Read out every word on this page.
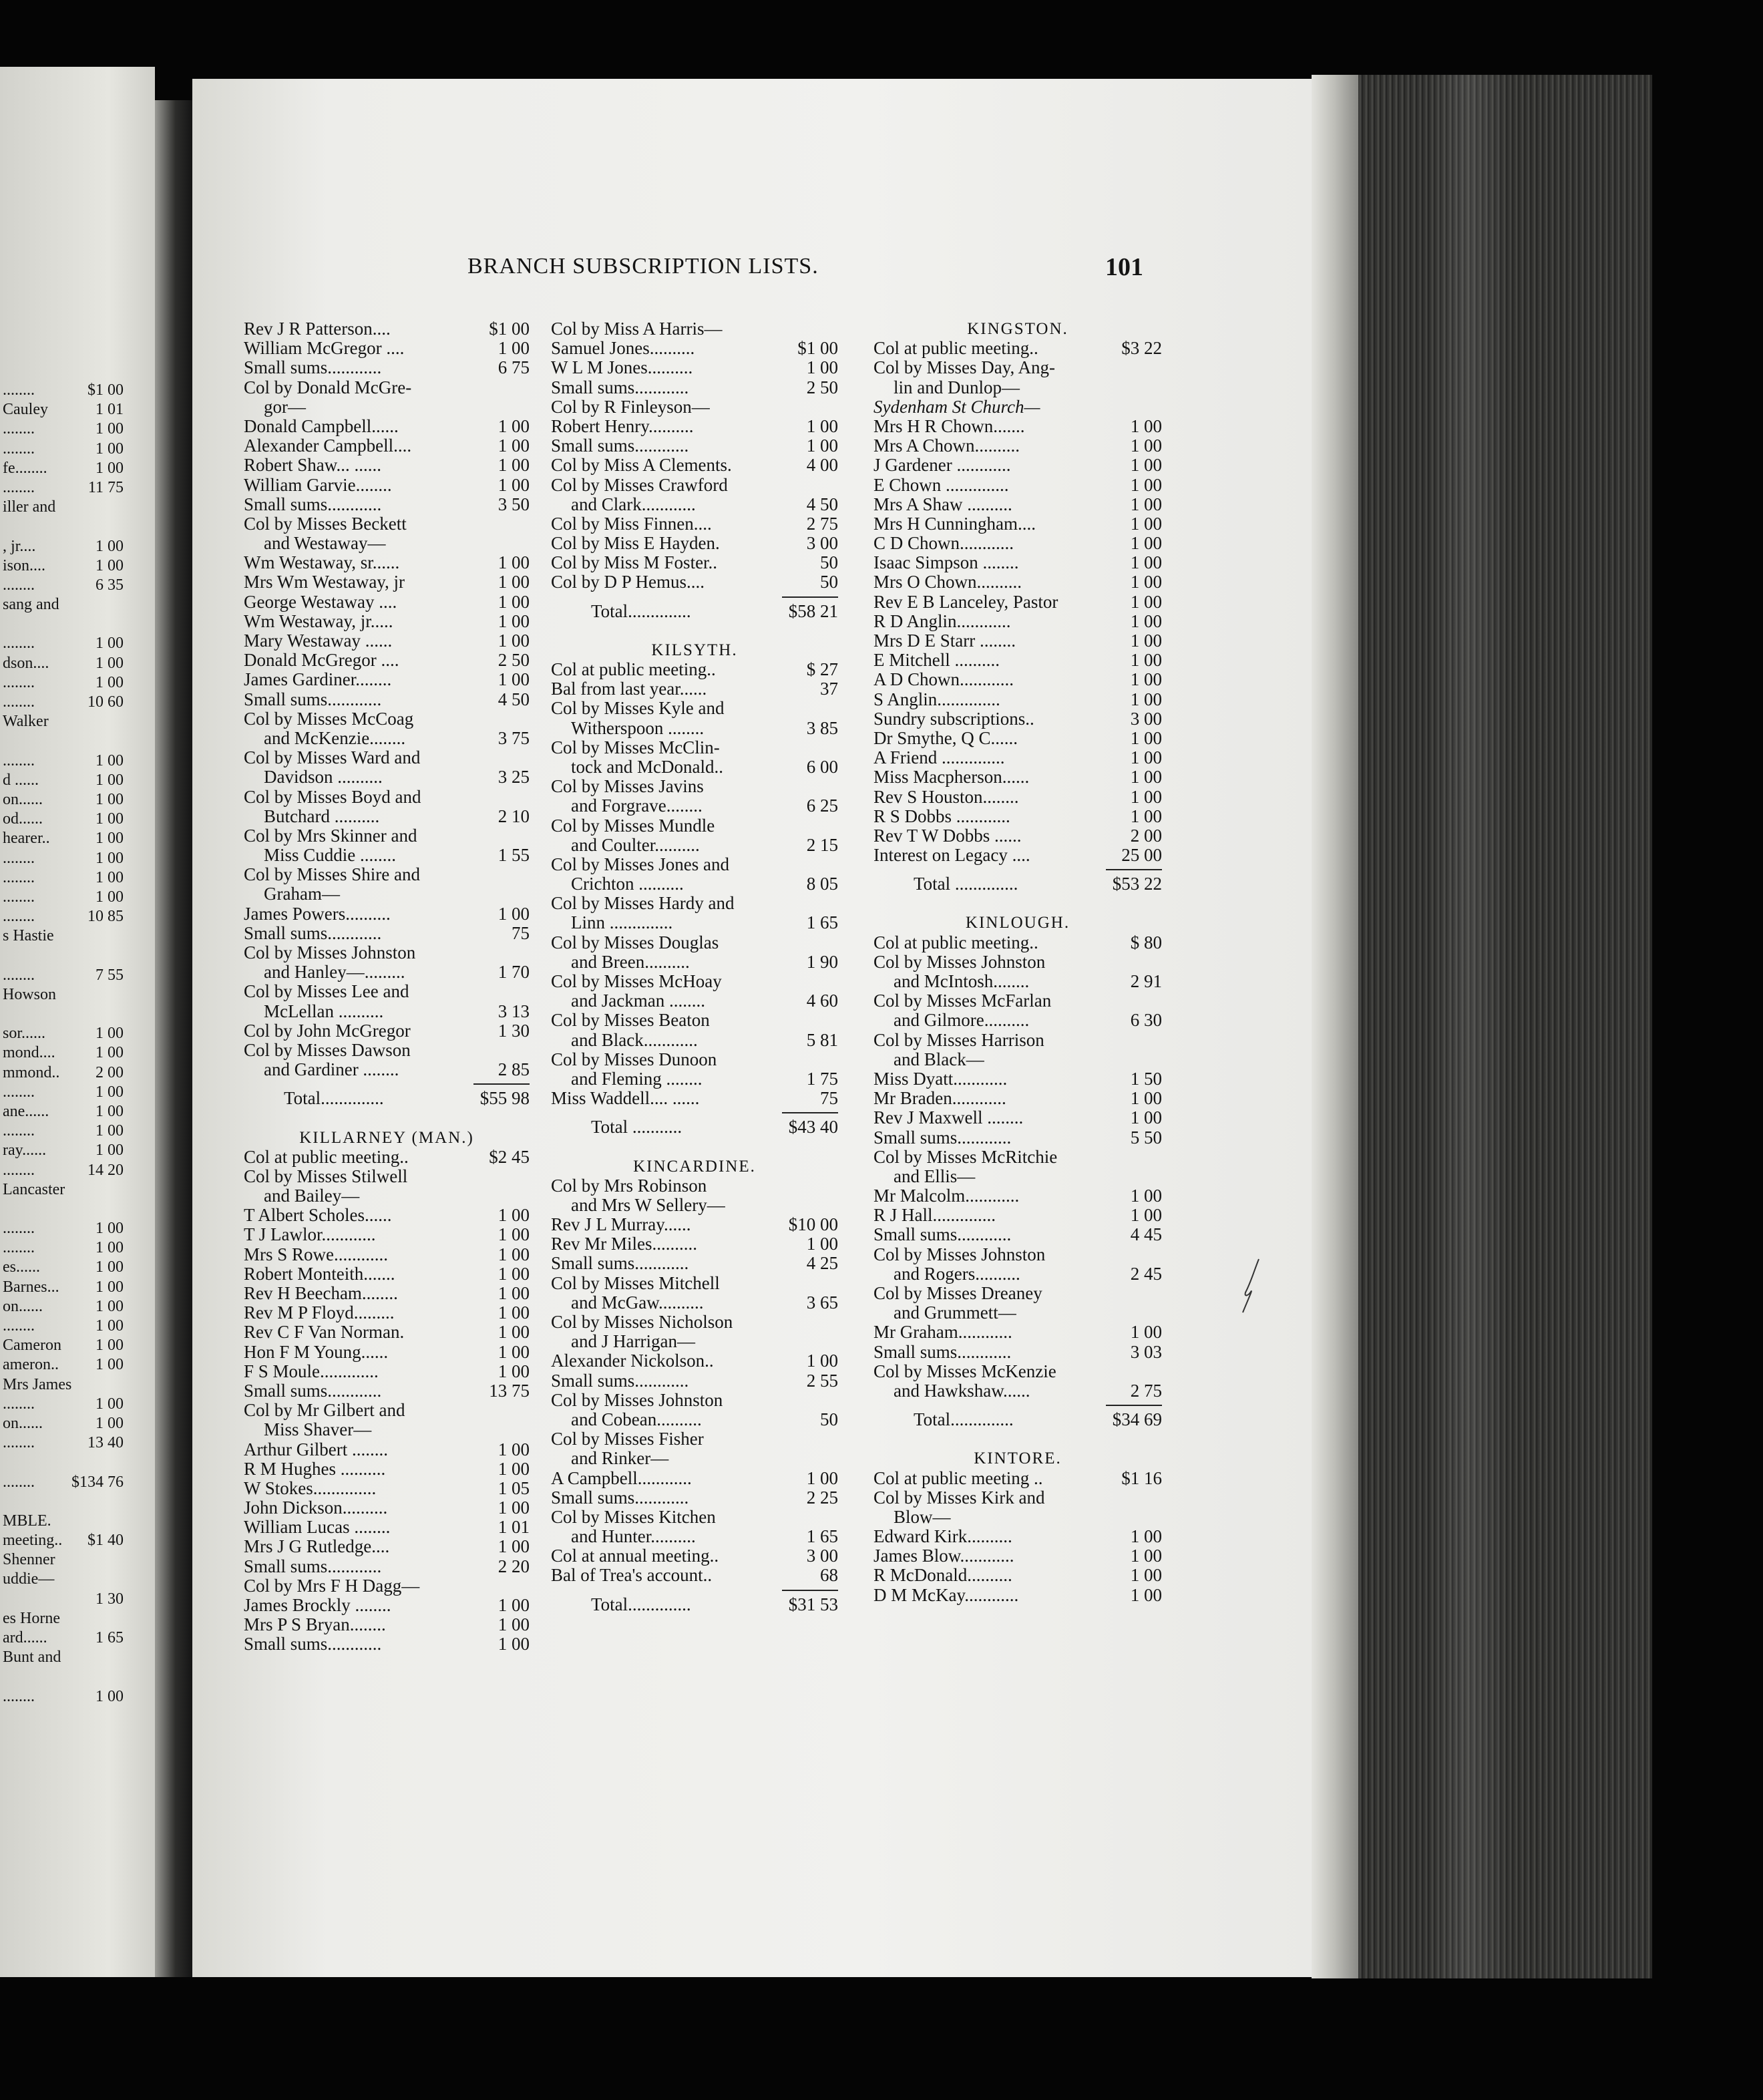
........	$1 00
Cauley	1 01
........	1 00
........	1 00
fe........	1 00
........	11 75
iller and
, jr....	1 00
ison....	1 00
........	6 35
sang and
........	1 00
dson....	1 00
........	1 00
........	10 60
Walker
........	1 00
d ......	1 00
on......	1 00
od......	1 00
hearer..	1 00
........	1 00
........	1 00
........	1 00
........	10 85
s Hastie
........	7 55
Howson
sor......	1 00
mond....	1 00
mmond..	2 00
........	1 00
ane......	1 00
........	1 00
ray......	1 00
........	14 20
Lancaster
........	1 00
........	1 00
es......	1 00
Barnes...	1 00
on......	1 00
........	1 00
Cameron	1 00
ameron..	1 00
Mrs James
........	1 00
on......	1 00
........	13 40
........	$134 76
MBLE.
meeting..	$1 40
Shenner
uddie—
1 30
es Horne
ard......	1 65
Bunt and
........	1 00
BRANCH SUBSCRIPTION LISTS.	101
Rev J R Patterson....	$1 00
William McGregor ....	1 00
Small sums............	6 75
Col by Donald McGre-
gor—
Donald Campbell......	1 00
Alexander Campbell....	1 00
Robert Shaw... ......	1 00
William Garvie........	1 00
Small sums............	3 50
Col by Misses Beckett
and Westaway—
Wm Westaway, sr......	1 00
Mrs Wm Westaway, jr	1 00
George Westaway ....	1 00
Wm Westaway, jr.....	1 00
Mary Westaway ......	1 00
Donald McGregor ....	2 50
James Gardiner........	1 00
Small sums............	4 50
Col by Misses McCoag
and McKenzie........	3 75
Col by Misses Ward and
Davidson ..........	3 25
Col by Misses Boyd and
Butchard ..........	2 10
Col by Mrs Skinner and
Miss Cuddie ........	1 55
Col by Misses Shire and
Graham—
James Powers..........	1 00
Small sums............	75
Col by Misses Johnston
and Hanley—.........	1 70
Col by Misses Lee and
McLellan ..........	3 13
Col by John McGregor	1 30
Col by Misses Dawson
and Gardiner ........	2 85
Total..............	$55 98
KILLARNEY (MAN.)
Col at public meeting..	$2 45
Col by Misses Stilwell
and Bailey—
T Albert Scholes......	1 00
T J Lawlor............	1 00
Mrs S Rowe............	1 00
Robert Monteith.......	1 00
Rev H Beecham........	1 00
Rev M P Floyd.........	1 00
Rev C F Van Norman.	1 00
Hon F M Young......	1 00
F S Moule.............	1 00
Small sums............	13 75
Col by Mr Gilbert and
Miss Shaver—
Arthur Gilbert ........	1 00
R M Hughes ..........	1 00
W Stokes..............	1 05
John Dickson..........	1 00
William Lucas ........	1 01
Mrs J G Rutledge....	1 00
Small sums............	2 20
Col by Mrs F H Dagg—
James Brockly ........	1 00
Mrs P S Bryan........	1 00
Small sums............	1 00
Col by Miss A Harris—
Samuel Jones..........	$1 00
W L M Jones..........	1 00
Small sums............	2 50
Col by R Finleyson—
Robert Henry..........	1 00
Small sums............	1 00
Col by Miss A Clements.	4 00
Col by Misses Crawford
and Clark............	4 50
Col by Miss Finnen....	2 75
Col by Miss E Hayden.	3 00
Col by Miss M Foster..	50
Col by D P Hemus....	50
Total..............	$58 21
KILSYTH.
Col at public meeting..	$ 27
Bal from last year......	37
Col by Misses Kyle and
Witherspoon ........	3 85
Col by Misses McClin-
tock and McDonald..	6 00
Col by Misses Javins
and Forgrave........	6 25
Col by Misses Mundle
and Coulter..........	2 15
Col by Misses Jones and
Crichton ..........	8 05
Col by Misses Hardy and
Linn ..............	1 65
Col by Misses Douglas
and Breen..........	1 90
Col by Misses McHoay
and Jackman ........	4 60
Col by Misses Beaton
and Black............	5 81
Col by Misses Dunoon
and Fleming ........	1 75
Miss Waddell.... ......	75
Total ...........	$43 40
KINCARDINE.
Col by Mrs Robinson
and Mrs W Sellery—
Rev J L Murray......	$10 00
Rev Mr Miles..........	1 00
Small sums............	4 25
Col by Misses Mitchell
and McGaw..........	3 65
Col by Misses Nicholson
and J Harrigan—
Alexander Nickolson..	1 00
Small sums............	2 55
Col by Misses Johnston
and Cobean..........	50
Col by Misses Fisher
and Rinker—
A Campbell............	1 00
Small sums............	2 25
Col by Misses Kitchen
and Hunter..........	1 65
Col at annual meeting..	3 00
Bal of Trea's account..	68
Total..............	$31 53
KINGSTON.
Col at public meeting..	$3 22
Col by Misses Day, Ang-
lin and Dunlop—
Sydenham St Church—
Mrs H R Chown.......	1 00
Mrs A Chown..........	1 00
J Gardener ............	1 00
E Chown ..............	1 00
Mrs A Shaw ..........	1 00
Mrs H Cunningham....	1 00
C D Chown............	1 00
Isaac Simpson ........	1 00
Mrs O Chown..........	1 00
Rev E B Lanceley, Pastor	1 00
R D Anglin............	1 00
Mrs D E Starr ........	1 00
E Mitchell ..........	1 00
A D Chown............	1 00
S Anglin..............	1 00
Sundry subscriptions..	3 00
Dr Smythe, Q C......	1 00
A Friend ..............	1 00
Miss Macpherson......	1 00
Rev S Houston........	1 00
R S Dobbs ............	1 00
Rev T W Dobbs ......	2 00
Interest on Legacy ....	25 00
Total ..............	$53 22
KINLOUGH.
Col at public meeting..	$ 80
Col by Misses Johnston
and McIntosh........	2 91
Col by Misses McFarlan
and Gilmore..........	6 30
Col by Misses Harrison
and Black—
Miss Dyatt............	1 50
Mr Braden............	1 00
Rev J Maxwell ........	1 00
Small sums............	5 50
Col by Misses McRitchie
and Ellis—
Mr Malcolm............	1 00
R J Hall..............	1 00
Small sums............	4 45
Col by Misses Johnston
and Rogers..........	2 45
Col by Misses Dreaney
and Grummett—
Mr Graham............	1 00
Small sums............	3 03
Col by Misses McKenzie
and Hawkshaw......	2 75
Total..............	$34 69
KINTORE.
Col at public meeting ..	$1 16
Col by Misses Kirk and
Blow—
Edward Kirk..........	1 00
James Blow............	1 00
R McDonald..........	1 00
D M McKay............	1 00
